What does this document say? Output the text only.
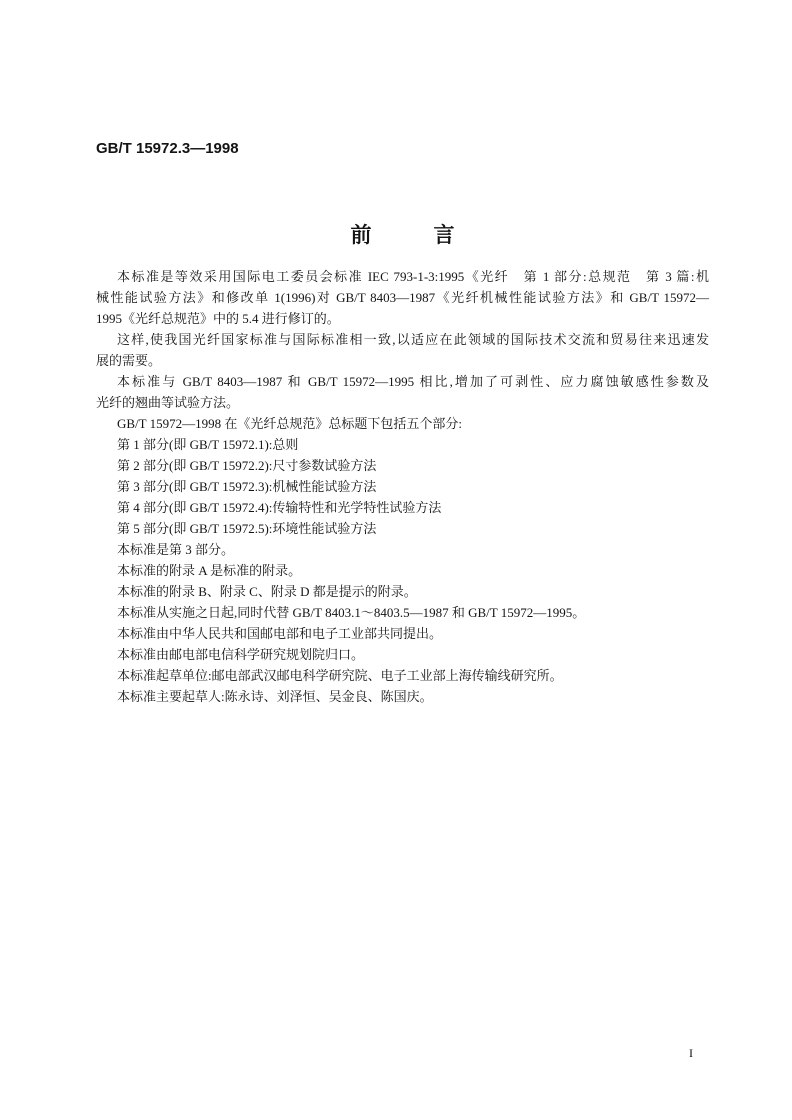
GB/T 15972.3—1998
前言

本标准是等效采用国际电工委员会标准 IEC 793-1-3:1995《光纤　第 1 部分:总规范　第 3 篇:机
械性能试验方法》和修改单 1(1996)对 GB/T 8403—1987《光纤机械性能试验方法》和 GB/T 15972—
1995《光纤总规范》中的 5.4 进行修订的。

这样,使我国光纤国家标准与国际标准相一致,以适应在此领域的国际技术交流和贸易往来迅速发
展的需要。

本标准与 GB/T 8403—1987 和 GB/T 15972—1995 相比,增加了可剥性、应力腐蚀敏感性参数及
光纤的翘曲等试验方法。

GB/T 15972—1998 在《光纤总规范》总标题下包括五个部分:

第 1 部分(即 GB/T 15972.1):总则

第 2 部分(即 GB/T 15972.2):尺寸参数试验方法

第 3 部分(即 GB/T 15972.3):机械性能试验方法

第 4 部分(即 GB/T 15972.4):传输特性和光学特性试验方法

第 5 部分(即 GB/T 15972.5):环境性能试验方法

本标准是第 3 部分。

本标准的附录 A 是标准的附录。

本标准的附录 B、附录 C、附录 D 都是提示的附录。

本标准从实施之日起,同时代替 GB/T 8403.1～8403.5—1987 和 GB/T 15972—1995。

本标准由中华人民共和国邮电部和电子工业部共同提出。

本标准由邮电部电信科学研究规划院归口。

本标准起草单位:邮电部武汉邮电科学研究院、电子工业部上海传输线研究所。

本标准主要起草人:陈永诗、刘泽恒、吴金良、陈国庆。

I
